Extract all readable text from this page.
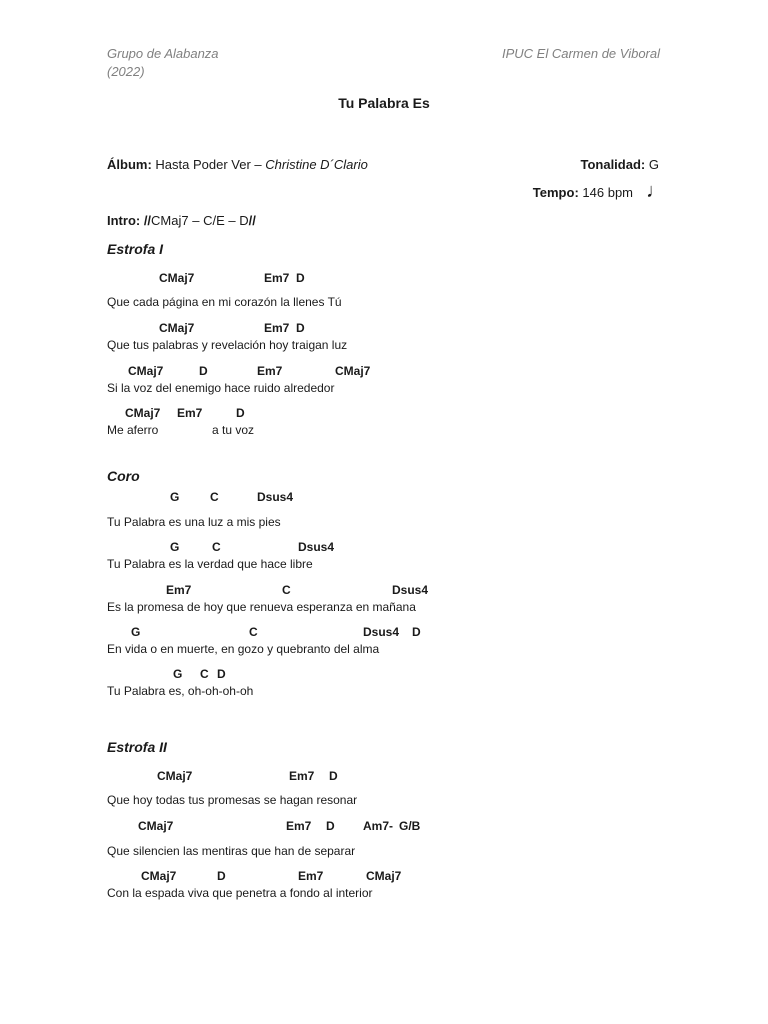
Grupo de Alabanza
(2022)
IPUC El Carmen de Viboral
Tu Palabra Es
Álbum: Hasta Poder Ver – Christine D´Clario	Tonalidad: G
Tempo: 146 bpm ♩
Intro: //CMaj7 – C/E – D//
Estrofa I
CMaj7	Em7 D
Que cada página en mi corazón la llenes Tú
CMaj7	Em7 D
Que tus palabras y revelación hoy traigan luz
CMaj7	D	Em7	CMaj7
Si la voz del enemigo hace ruido alrededor
CMaj7 Em7	D
Me aferro	a tu voz
Coro
G	C	Dsus4
Tu Palabra es una luz a mis pies
G	C	Dsus4
Tu Palabra es la verdad que hace libre
Em7	C	Dsus4
Es la promesa de hoy que renueva esperanza en mañana
G	C	Dsus4 D
En vida o en muerte, en gozo y quebranto del alma
G C D
Tu Palabra es, oh-oh-oh-oh
Estrofa II
CMaj7	Em7 D
Que hoy todas tus promesas se hagan resonar
CMaj7	Em7 D Am7- G/B
Que silencien las mentiras que han de separar
CMaj7	D	Em7	CMaj7
Con la espada viva que penetra a fondo al interior
